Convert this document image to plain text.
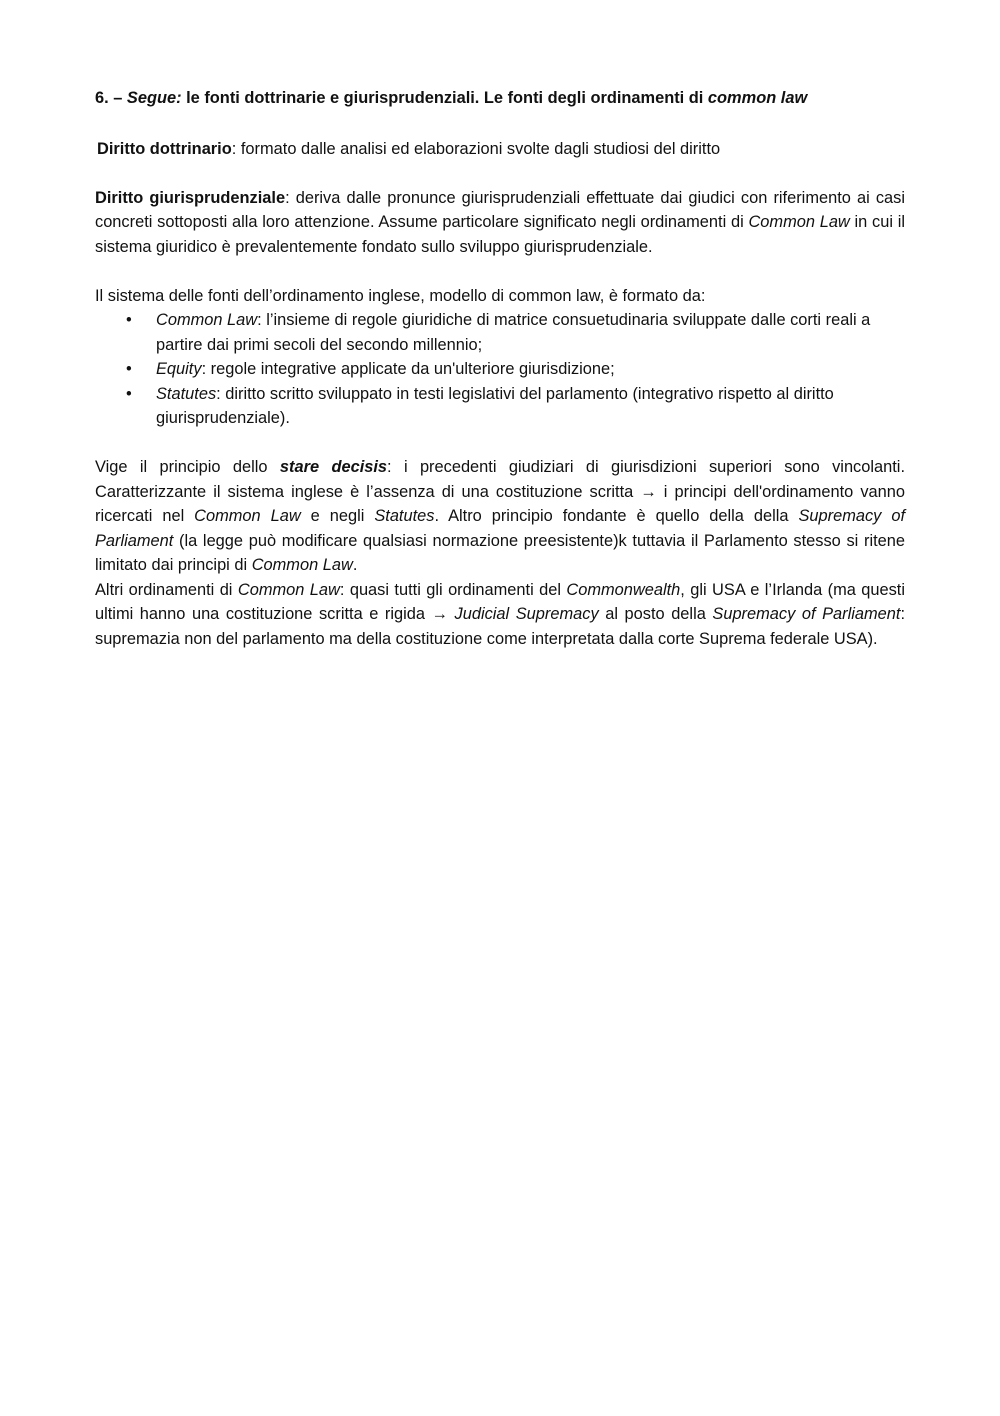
6. – Segue: le fonti dottrinarie e giurisprudenziali. Le fonti degli ordinamenti di common law

Diritto dottrinario: formato dalle analisi ed elaborazioni svolte dagli studiosi del diritto

Diritto giurisprudenziale: deriva dalle pronunce giurisprudenziali effettuate dai giudici con riferimento ai casi concreti sottoposti alla loro attenzione. Assume particolare significato negli ordinamenti di Common Law in cui il sistema giuridico è prevalentemente fondato sullo sviluppo giurisprudenziale.

Il sistema delle fonti dell’ordinamento inglese, modello di common law, è formato da:

• Common Law: l’insieme di regole giuridiche di matrice consuetudinaria sviluppate dalle corti reali a partire dai primi secoli del secondo millennio;
• Equity: regole integrative applicate da un'ulteriore giurisdizione;
• Statutes: diritto scritto sviluppato in testi legislativi del parlamento (integrativo rispetto al diritto giurisprudenziale).

Vige il principio dello stare decisis: i precedenti giudiziari di giurisdizioni superiori sono vincolanti. Caratterizzante il sistema inglese è l’assenza di una costituzione scritta → i principi dell'ordinamento vanno ricercati nel Common Law e negli Statutes. Altro principio fondante è quello della della Supremacy of Parliament (la legge può modificare qualsiasi normazione preesistente)k tuttavia il Parlamento stesso si ritene limitato dai principi di Common Law.

Altri ordinamenti di Common Law: quasi tutti gli ordinamenti del Commonwealth, gli USA e l’Irlanda (ma questi ultimi hanno una costituzione scritta e rigida → Judicial Supremacy al posto della Supremacy of Parliament: supremazia non del parlamento ma della costituzione come interpretata dalla corte Suprema federale USA).
